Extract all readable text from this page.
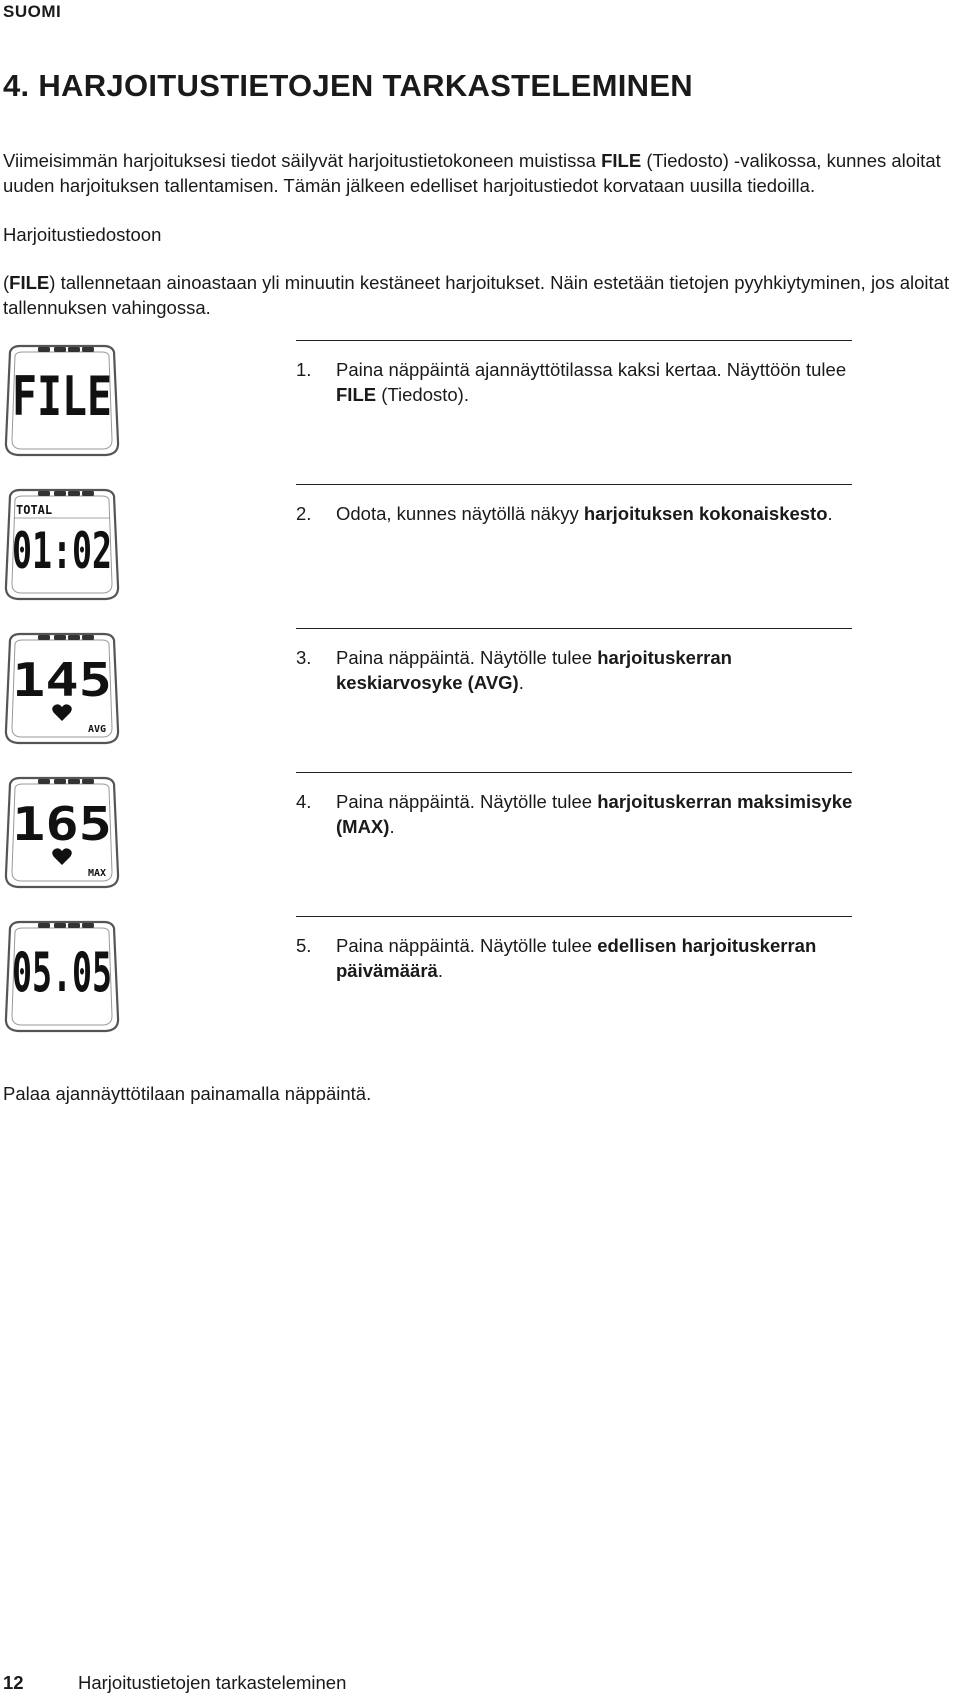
SUOMI
4. HARJOITUSTIETOJEN TARKASTELEMINEN
Viimeisimmän harjoituksesi tiedot säilyvät harjoitustietokoneen muistissa FILE (Tiedosto) -valikossa, kunnes aloitat uuden harjoituksen tallentamisen. Tämän jälkeen edelliset harjoitustiedot korvataan uusilla tiedoilla.
Harjoitustiedostoon
(FILE) tallennetaan ainoastaan yli minuutin kestäneet harjoitukset. Näin estetään tietojen pyyhkiytyminen, jos aloitat tallennuksen vahingossa.
1. Paina näppäintä ajannäyttötilassa kaksi kertaa. Näyttöön tulee FILE (Tiedosto).
2. Odota, kunnes näytöllä näkyy harjoituksen kokonaiskesto.
3. Paina näppäintä. Näytölle tulee harjoituskerran keskiarvosyke (AVG).
4. Paina näppäintä. Näytölle tulee harjoituskerran maksimisyke (MAX).
5. Paina näppäintä. Näytölle tulee edellisen harjoituskerran päivämäärä.
FILE
TOTAL
01:02
145
AVG
165
MAX
05.05
Palaa ajannäyttötilaan painamalla näppäintä.
12	Harjoitustietojen tarkasteleminen
